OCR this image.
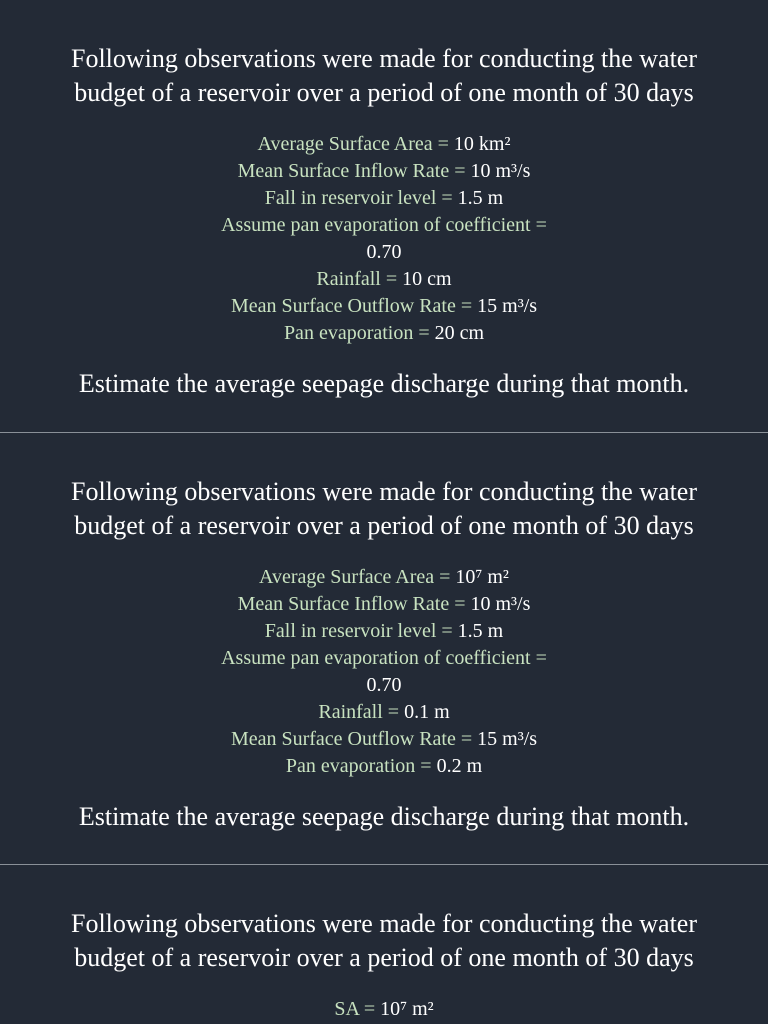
Following observations were made for conducting the water
budget of a reservoir over a period of one month of 30 days
Average Surface Area = 10 km²
Mean Surface Inflow Rate = 10 m³/s
Fall in reservoir level = 1.5 m
Assume pan evaporation of coefficient =
0.70
Rainfall = 10 cm
Mean Surface Outflow Rate = 15 m³/s
Pan evaporation = 20 cm
Estimate the average seepage discharge during that month.
Following observations were made for conducting the water
budget of a reservoir over a period of one month of 30 days
Average Surface Area = 10⁷ m²
Mean Surface Inflow Rate = 10 m³/s
Fall in reservoir level = 1.5 m
Assume pan evaporation of coefficient =
0.70
Rainfall = 0.1 m
Mean Surface Outflow Rate = 15 m³/s
Pan evaporation = 0.2 m
Estimate the average seepage discharge during that month.
Following observations were made for conducting the water
budget of a reservoir over a period of one month of 30 days
SA = 10⁷ m²
